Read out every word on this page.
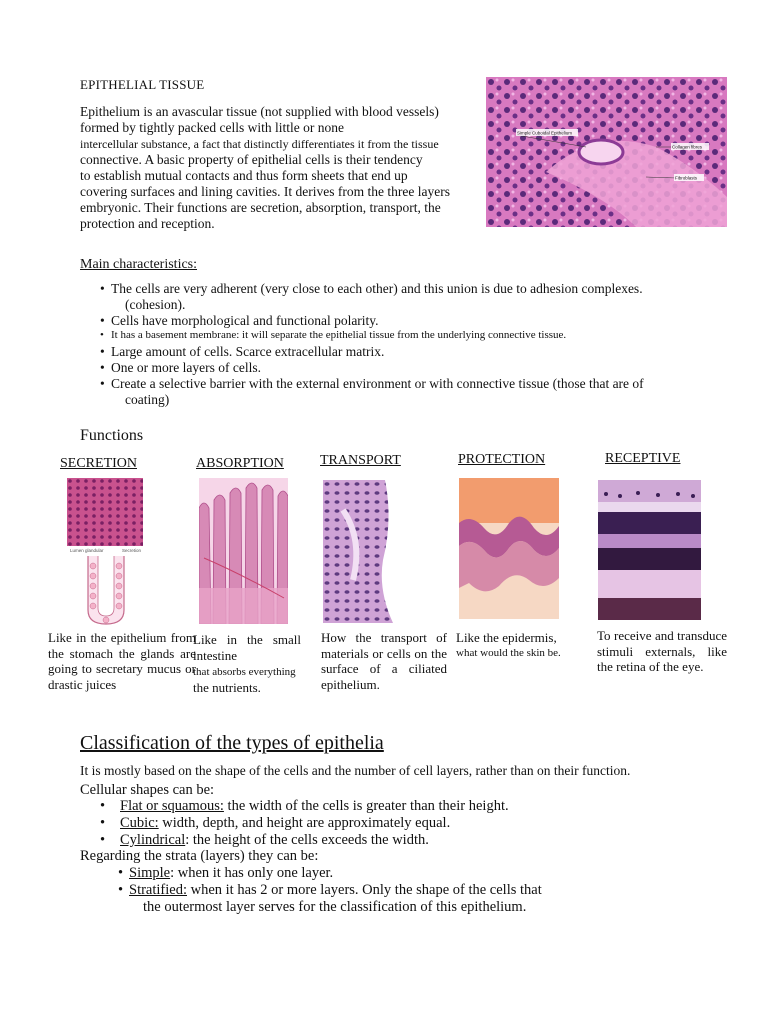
EPITHELIAL TISSUE
Epithelium is an avascular tissue (not supplied with blood vessels)
formed by tightly packed cells with little or none
intercellular substance, a fact that distinctly differentiates it from the tissue
connective. A basic property of epithelial cells is their tendency
to establish mutual contacts and thus form sheets that end up
covering surfaces and lining cavities. It derives from the three layers
embryonic. Their functions are secretion, absorption, transport, the
protection and reception.
Simple Cuboidal Epithelium
Collagen fibres
Fibroblasts
Main characteristics:
• The cells are very adherent (very close to each other) and this union is due to adhesion complexes.
(cohesion).
• Cells have morphological and functional polarity.
• It has a basement membrane: it will separate the epithelial tissue from the underlying connective tissue.
• Large amount of cells. Scarce extracellular matrix.
• One or more layers of cells.
• Create a selective barrier with the external environment or with connective tissue (those that are of
coating)
Functions
SECRETION
Lumen glandular	Secretion
Like in the epithelium from the stomach the glands are going to secretary mucus or drastic juices
ABSORPTION
Like in the small intestine
that absorbs everything
the nutrients.
TRANSPORT
How the transport of materials or cells on the surface of a ciliated epithelium.
PROTECTION
Like the epidermis,
what would the skin be.
RECEPTIVE
To receive and transduce stimuli externals, like the retina of the eye.
Classification of the types of epithelia

It is mostly based on the shape of the cells and the number of cell layers, rather than on their function.

Cellular shapes can be:

• Flat or squamous: the width of the cells is greater than their height.
• Cubic: width, depth, and height are approximately equal.
• Cylindrical: the height of the cells exceeds the width.

Regarding the strata (layers) they can be:

• Simple: when it has only one layer.
• Stratified: when it has 2 or more layers. Only the shape of the cells that
the outermost layer serves for the classification of this epithelium.
